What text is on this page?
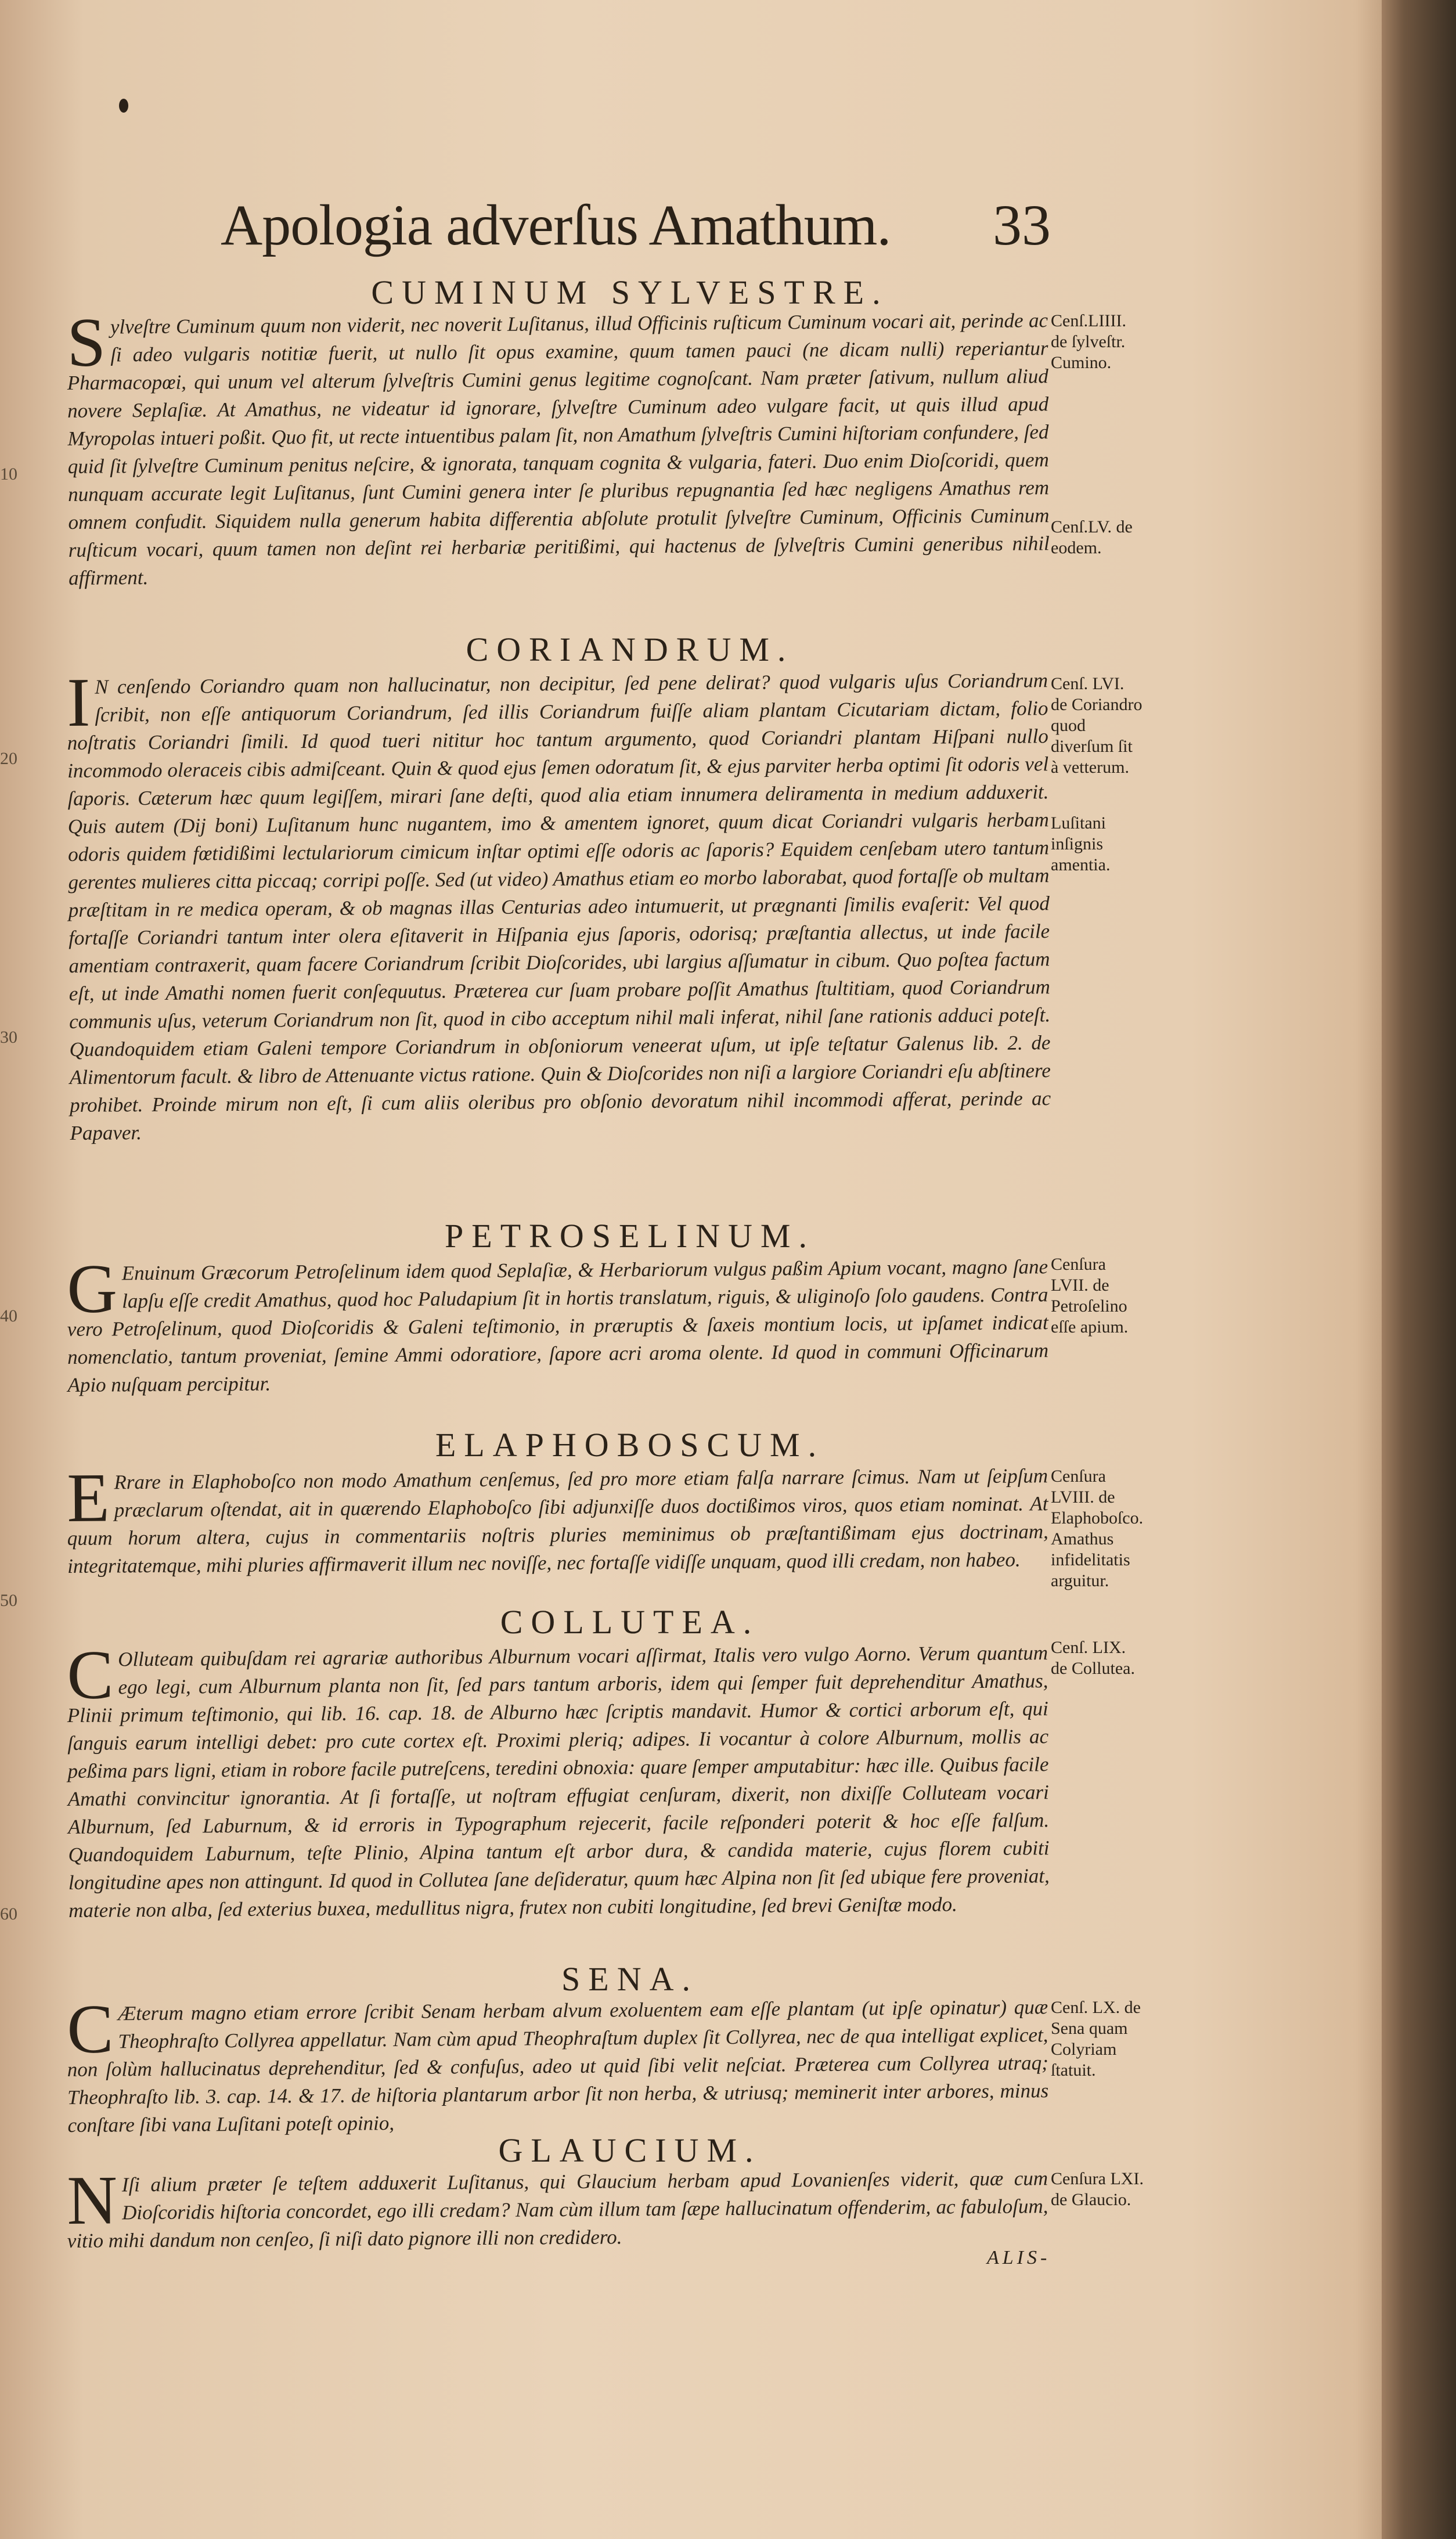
Apologia adverſus Amathum. 33
10
20
30
40
50
60
CUMINUM SYLVESTRE.
S ylveſtre Cuminum quum non viderit, nec noverit Luſitanus, illud Officinis ruſticum Cuminum vocari ait, perinde ac ſi adeo vulgaris notitiæ fuerit, ut nullo ſit opus examine, quum tamen pauci (ne dicam nulli) reperiantur Pharmacopœi, qui unum vel alterum ſylveſtris Cumini genus legitime cognoſcant. Nam præter ſativum, nullum aliud novere Seplaſiæ. At Amathus, ne videatur id ignorare, ſylveſtre Cuminum adeo vulgare facit, ut quis illud apud Myropolas intueri poßit. Quo fit, ut recte intuentibus palam ſit, non Amathum ſylveſtris Cumini hiſtoriam confundere, ſed quid ſit ſylveſtre Cuminum penitus neſcire, & ignorata, tanquam cognita & vulgaria, fateri. Duo enim Dioſcoridi, quem nunquam accurate legit Luſitanus, ſunt Cumini genera inter ſe pluribus repugnantia ſed hæc negligens Amathus rem omnem confudit. Siquidem nulla generum habita differentia abſolute protulit ſylveſtre Cuminum, Officinis Cuminum ruſticum vocari, quum tamen non deſint rei herbariæ peritißimi, qui hactenus de ſylveſtris Cumini generibus nihil affirment.
Cenſ.LIIII. de ſylveſtr. Cumino.
Cenſ.LV. de eodem.
CORIANDRUM.
I N cenſendo Coriandro quam non hallucinatur, non decipitur, ſed pene delirat? quod vulgaris uſus Coriandrum ſcribit, non eſſe antiquorum Coriandrum, ſed illis Coriandrum fuiſſe aliam plantam Cicutariam dictam, folio noſtratis Coriandri ſimili. Id quod tueri nititur hoc tantum argumento, quod Coriandri plantam Hiſpani nullo incommodo oleraceis cibis admiſceant. Quin & quod ejus ſemen odoratum ſit, & ejus parviter herba optimi ſit odoris vel ſaporis. Cæterum hæc quum legiſſem, mirari ſane deſti, quod alia etiam innumera deliramenta in medium adduxerit. Quis autem (Dij boni) Luſitanum hunc nugantem, imo & amentem ignoret, quum dicat Coriandri vulgaris herbam odoris quidem fœtidißimi lectulariorum cimicum inſtar optimi eſſe odoris ac ſaporis? Equidem cenſebam utero tantum gerentes mulieres citta piccaq; corripi poſſe. Sed (ut video) Amathus etiam eo morbo laborabat, quod fortaſſe ob multam præſtitam in re medica operam, & ob magnas illas Centurias adeo intumuerit, ut prægnanti ſimilis evaſerit: Vel quod fortaſſe Coriandri tantum inter olera eſitaverit in Hiſpania ejus ſaporis, odorisq; præſtantia allectus, ut inde facile amentiam contraxerit, quam facere Coriandrum ſcribit Dioſcorides, ubi largius aſſumatur in cibum. Quo poſtea factum eſt, ut inde Amathi nomen fuerit conſequutus. Præterea cur ſuam probare poſſit Amathus ſtultitiam, quod Coriandrum communis uſus, veterum Coriandrum non ſit, quod in cibo acceptum nihil mali inferat, nihil ſane rationis adduci poteſt. Quandoquidem etiam Galeni tempore Coriandrum in obſoniorum veneerat uſum, ut ipſe teſtatur Galenus lib. 2. de Alimentorum facult. & libro de Attenuante victus ratione. Quin & Dioſcorides non niſi a largiore Coriandri eſu abſtinere prohibet. Proinde mirum non eſt, ſi cum aliis oleribus pro obſonio devoratum nihil incommodi afferat, perinde ac Papaver.
Cenſ. LVI. de Coriandro quod diverſum ſit à vetterum.
Luſitani inſignis amentia.
PETROSELINUM.
G Enuinum Græcorum Petroſelinum idem quod Seplaſiæ, & Herbariorum vulgus paßim Apium vocant, magno ſane lapſu eſſe credit Amathus, quod hoc Paludapium ſit in hortis translatum, riguis, & uliginoſo ſolo gaudens. Contra vero Petroſelinum, quod Dioſcoridis & Galeni teſtimonio, in præruptis & ſaxeis montium locis, ut ipſamet indicat nomenclatio, tantum proveniat, ſemine Ammi odoratiore, ſapore acri aroma olente. Id quod in communi Officinarum Apio nuſquam percipitur.
Cenſura LVII. de Petroſelino eſſe apium.
ELAPHOBOSCUM.
E Rrare in Elaphoboſco non modo Amathum cenſemus, ſed pro more etiam falſa narrare ſcimus. Nam ut ſeipſum præclarum oſtendat, ait in quærendo Elaphoboſco ſibi adjunxiſſe duos doctißimos viros, quos etiam nominat. At quum horum altera, cujus in commentariis noſtris pluries meminimus ob præſtantißimam ejus doctrinam, integritatemque, mihi pluries affirmaverit illum nec noviſſe, nec fortaſſe vidiſſe unquam, quod illi credam, non habeo.
Cenſura LVIII. de Elaphoboſco. Amathus infidelitatis arguitur.
COLLUTEA.
C Olluteam quibuſdam rei agrariæ authoribus Alburnum vocari aſſirmat, Italis vero vulgo Aorno. Verum quantum ego legi, cum Alburnum planta non ſit, ſed pars tantum arboris, idem qui ſemper fuit deprehenditur Amathus, Plinii primum teſtimonio, qui lib. 16. cap. 18. de Alburno hæc ſcriptis mandavit. Humor & cortici arborum eſt, qui ſanguis earum intelligi debet: pro cute cortex eſt. Proximi pleriq; adipes. Ii vocantur à colore Alburnum, mollis ac peßima pars ligni, etiam in robore facile putreſcens, teredini obnoxia: quare ſemper amputabitur: hæc ille. Quibus facile Amathi convincitur ignorantia. At ſi fortaſſe, ut noſtram effugiat cenſuram, dixerit, non dixiſſe Colluteam vocari Alburnum, ſed Laburnum, & id erroris in Typographum rejecerit, facile reſponderi poterit & hoc eſſe falſum. Quandoquidem Laburnum, teſte Plinio, Alpina tantum eſt arbor dura, & candida materie, cujus florem cubiti longitudine apes non attingunt. Id quod in Collutea ſane deſideratur, quum hæc Alpina non ſit ſed ubique fere proveniat, materie non alba, ſed exterius buxea, medullitus nigra, frutex non cubiti longitudine, ſed brevi Geniſtæ modo.
Cenſ. LIX. de Collutea.
SENA.
C Æterum magno etiam errore ſcribit Senam herbam alvum exoluentem eam eſſe plantam (ut ipſe opinatur) quæ Theophraſto Collyrea appellatur. Nam cùm apud Theophraſtum duplex ſit Collyrea, nec de qua intelligat explicet, non ſolùm hallucinatus deprehenditur, ſed & confuſus, adeo ut quid ſibi velit neſciat. Præterea cum Collyrea utraq; Theophraſto lib. 3. cap. 14. & 17. de hiſtoria plantarum arbor ſit non herba, & utriusq; meminerit inter arbores, minus conſtare ſibi vana Luſitani poteſt opinio,
Cenſ. LX. de Sena quam Colyriam ſtatuit.
GLAUCIUM.
N Iſi alium præter ſe teſtem adduxerit Luſitanus, qui Glaucium herbam apud Lovanienſes viderit, quæ cum Dioſcoridis hiſtoria concordet, ego illi credam? Nam cùm illum tam ſæpe hallucinatum offenderim, ac fabuloſum, vitio mihi dandum non cenſeo, ſi niſi dato pignore illi non credidero.
Cenſura LXI. de Glaucio.
ALIS-
